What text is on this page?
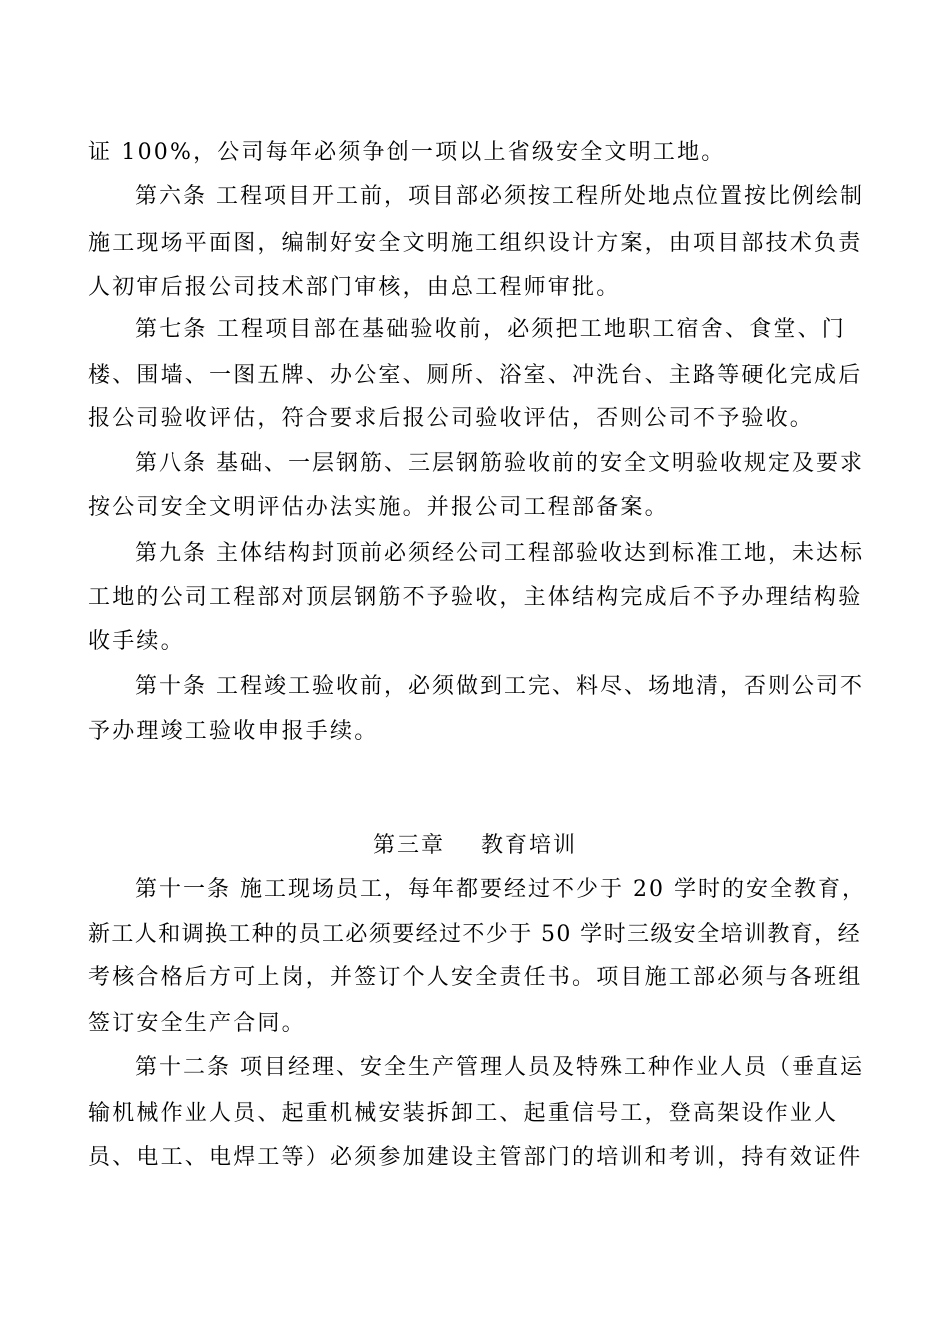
证 100%，公司每年必须争创一项以上省级安全文明工地。
第六条 工程项目开工前，项目部必须按工程所处地点位置按比例绘制
施工现场平面图，编制好安全文明施工组织设计方案，由项目部技术负责
人初审后报公司技术部门审核，由总工程师审批。
第七条 工程项目部在基础验收前，必须把工地职工宿舍、食堂、门
楼、围墙、一图五牌、办公室、厕所、浴室、冲洗台、主路等硬化完成后
报公司验收评估，符合要求后报公司验收评估，否则公司不予验收。
第八条 基础、一层钢筋、三层钢筋验收前的安全文明验收规定及要求
按公司安全文明评估办法实施。并报公司工程部备案。
第九条 主体结构封顶前必须经公司工程部验收达到标准工地，未达标
工地的公司工程部对顶层钢筋不予验收，主体结构完成后不予办理结构验
收手续。
第十条 工程竣工验收前，必须做到工完、料尽、场地清，否则公司不
予办理竣工验收申报手续。
第三章    教育培训
第十一条 施工现场员工，每年都要经过不少于 20 学时的安全教育，
新工人和调换工种的员工必须要经过不少于 50 学时三级安全培训教育，经
考核合格后方可上岗，并签订个人安全责任书。项目施工部必须与各班组
签订安全生产合同。
第十二条 项目经理、安全生产管理人员及特殊工种作业人员（垂直运
输机械作业人员、起重机械安装拆卸工、起重信号工，登高架设作业人
员、电工、电焊工等）必须参加建设主管部门的培训和考训，持有效证件
